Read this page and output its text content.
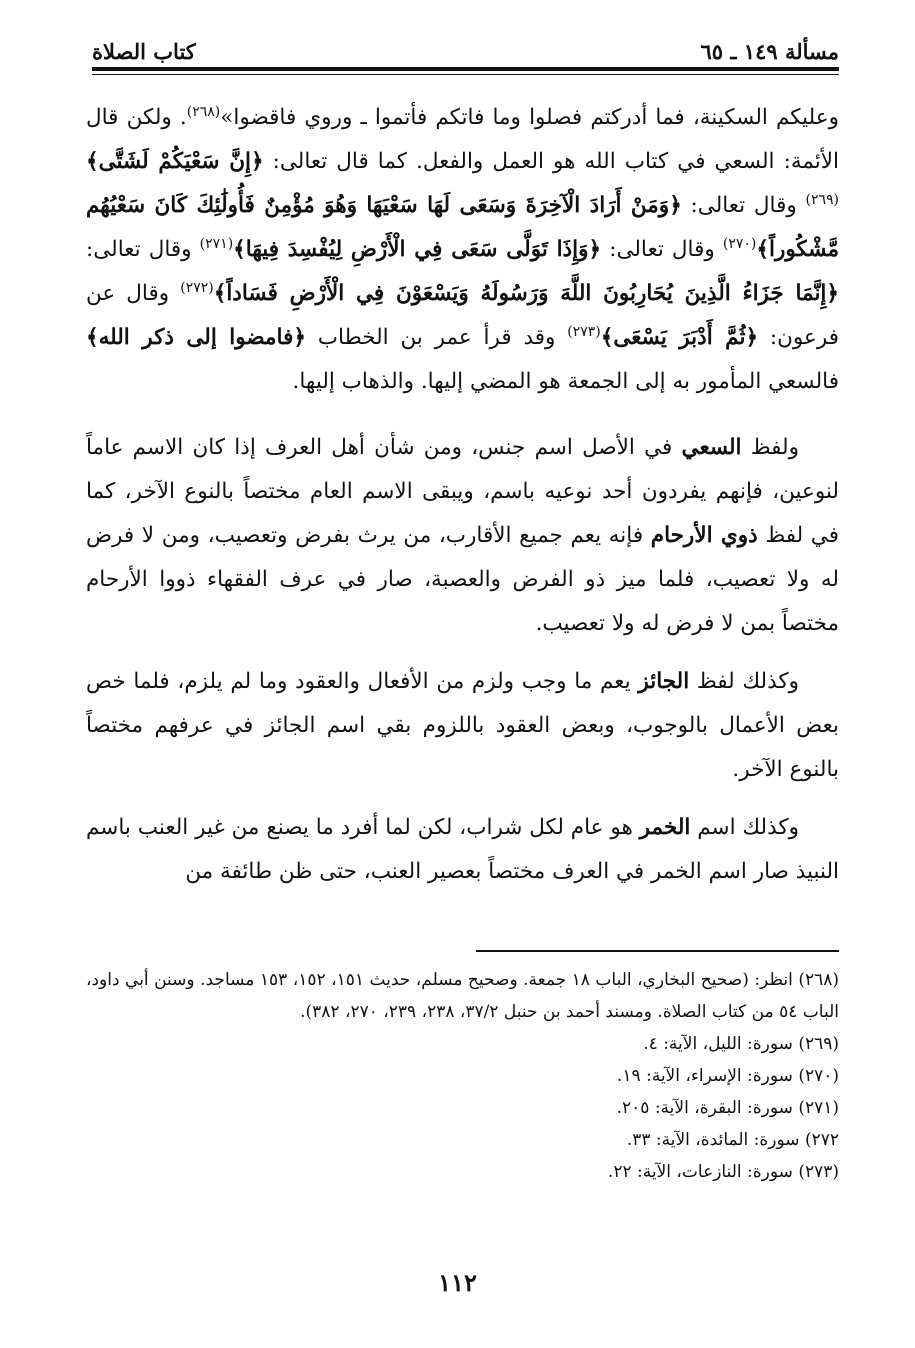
مسألة ١٤٩ ـ ٦٥
كتاب الصلاة

وعليكم السكينة، فما أدركتم فصلوا وما فاتكم فأتموا ـ وروي فاقضوا»$^{(٢٦٨)}$. ولكن قال الأئمة: السعي في كتاب الله هو العمل والفعل. كما قال تعالى: ﴿إِنَّ سَعْيَكُمْ لَشَتَّى﴾$^{(٢٦٩)}$ وقال تعالى: ﴿وَمَنْ أَرَادَ الْآخِرَةَ وَسَعَى لَهَا سَعْيَهَا وَهُوَ مُؤْمِنٌ فَأُولَٰئِكَ كَانَ سَعْيُهُم مَّشْكُوراً﴾$^{(٢٧٠)}$ وقال تعالى: ﴿وَإِذَا تَوَلَّى سَعَى فِي الْأَرْضِ لِيُفْسِدَ فِيهَا﴾$^{(٢٧١)}$ وقال تعالى: ﴿إِنَّمَا جَزَاءُ الَّذِينَ يُحَارِبُونَ اللَّهَ وَرَسُولَهُ وَيَسْعَوْنَ فِي الْأَرْضِ فَسَاداً﴾$^{(٢٧٢)}$ وقال عن فرعون: ﴿ثُمَّ أَدْبَرَ يَسْعَى﴾$^{(٢٧٣)}$ وقد قرأ عمر بن الخطاب ﴿فامضوا إلى ذكر الله﴾ فالسعي المأمور به إلى الجمعة هو المضي إليها. والذهاب إليها.

ولفظ السعي في الأصل اسم جنس، ومن شأن أهل العرف إذا كان الاسم عاماً لنوعين، فإنهم يفردون أحد نوعيه باسم، ويبقى الاسم العام مختصاً بالنوع الآخر، كما في لفظ ذوي الأرحام فإنه يعم جميع الأقارب، من يرث بفرض وتعصيب، ومن لا فرض له ولا تعصيب، فلما ميز ذو الفرض والعصبة، صار في عرف الفقهاء ذووا الأرحام مختصاً بمن لا فرض له ولا تعصيب.

وكذلك لفظ الجائز يعم ما وجب ولزم من الأفعال والعقود وما لم يلزم، فلما خص بعض الأعمال بالوجوب، وبعض العقود باللزوم بقي اسم الجائز في عرفهم مختصاً بالنوع الآخر.

وكذلك اسم الخمر هو عام لكل شراب، لكن لما أفرد ما يصنع من غير العنب باسم النبيذ صار اسم الخمر في العرف مختصاً بعصير العنب، حتى ظن طائفة من

(٢٦٨) انظر: (صحيح البخاري، الباب ١٨ جمعة. وصحيح مسلم، حديث ١٥١، ١٥٢، ١٥٣ مساجد. وسنن أبي داود، الباب ٥٤ من كتاب الصلاة. ومسند أحمد بن حنبل ٣٧/٢، ٢٣٨، ٢٣٩، ٢٧٠، ٣٨٢).

(٢٦٩) سورة: الليل، الآية: ٤.

(٢٧٠) سورة: الإسراء، الآية: ١٩.

(٢٧١) سورة: البقرة، الآية: ٢٠٥.

٢٧٢) سورة: المائدة، الآية: ٣٣.

(٢٧٣) سورة: النازعات، الآية: ٢٢.

١١٢
